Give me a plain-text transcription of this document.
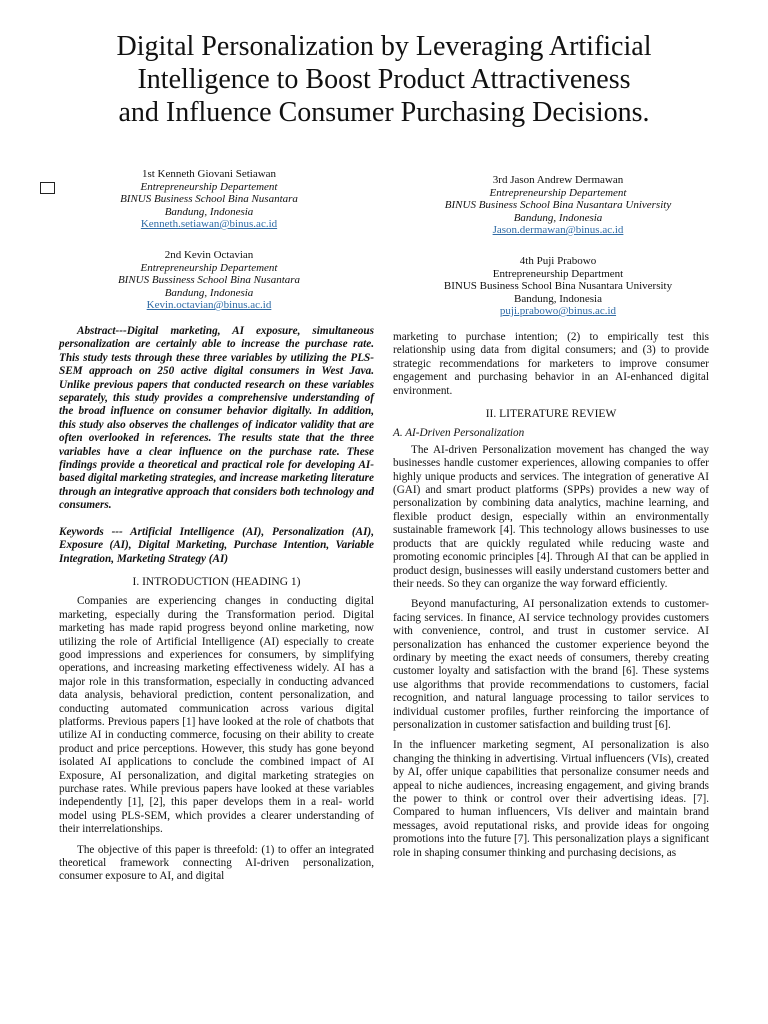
Digital Personalization by Leveraging Artificial
Intelligence to Boost Product Attractiveness
and Influence Consumer Purchasing Decisions.
1st Kenneth Giovani Setiawan
Entrepreneurship Departement
BINUS Business School Bina Nusantara
Bandung, Indonesia
Kenneth.setiawan@binus.ac.id
2nd Kevin Octavian
Entrepreneurship Departement
BINUS Bussiness School Bina Nusantara
Bandung, Indonesia
Kevin.octavian@binus.ac.id
3rd Jason Andrew Dermawan
Entrepreneurship Departement
BINUS Business School Bina Nusantara University
Bandung, Indonesia
Jason.dermawan@binus.ac.id
4th Puji Prabowo
Entrepreneurship Department
BINUS Business School Bina Nusantara University
Bandung, Indonesia
puji.prabowo@binus.ac.id

Abstract---Digital marketing, AI exposure, simultaneous personalization are certainly able to increase the purchase rate. This study tests through these three variables by utilizing the PLS-SEM approach on 250 active digital consumers in West Java. Unlike previous papers that conducted research on these variables separately, this study provides a comprehensive understanding of the broad influence on consumer behavior digitally. In addition, this study also observes the challenges of indicator validity that are often overlooked in references. The results state that the three variables have a clear influence on the purchase rate. These findings provide a theoretical and practical role for developing AI-based digital marketing strategies, and increase marketing literature through an integrative approach that considers both technology and consumers.

Keywords --- Artificial Intelligence (AI), Personalization (AI), Exposure (AI), Digital Marketing, Purchase Intention, Variable Integration, Marketing Strategy (AI)

I. INTRODUCTION (HEADING 1)

Companies are experiencing changes in conducting digital marketing, especially during the Transformation period. Digital marketing has made rapid progress beyond online marketing, now utilizing the role of Artificial Intelligence (AI) especially to create good impressions and experiences for consumers, by simplifying operations, and increasing marketing effectiveness widely. AI has a major role in this transformation, especially in conducting advanced data analysis, behavioral prediction, content personalization, and conducting automated communication across various digital platforms. Previous papers [1] have looked at the role of chatbots that utilize AI in conducting commerce, focusing on their ability to create product and price perceptions. However, this study has gone beyond isolated AI applications to conclude the combined impact of AI Exposure, AI personalization, and digital marketing strategies on purchase rates. While previous papers have looked at these variables independently [1], [2], this paper develops them in a real- world model using PLS-SEM, which provides a clearer understanding of their interrelationships.

The objective of this paper is threefold: (1) to offer an integrated theoretical framework connecting AI-driven personalization, consumer exposure to AI, and digital

marketing to purchase intention; (2) to empirically test this relationship using data from digital consumers; and (3) to provide strategic recommendations for marketers to improve consumer engagement and purchasing behavior in an AI-enhanced digital environment.

II. LITERATURE REVIEW

A. AI-Driven Personalization

The AI-driven Personalization movement has changed the way businesses handle customer experiences, allowing companies to offer highly unique products and services. The integration of generative AI (GAI) and smart product platforms (SPPs) provides a new way of personalization by combining data analytics, machine learning, and flexible product design, especially within an environmentally sustainable framework [4]. This technology allows businesses to use products that are quickly regulated while reducing waste and promoting economic principles [4]. Through AI that can be applied in product design, businesses will easily understand customers better and their needs. So they can organize the way forward efficiently.

Beyond manufacturing, AI personalization extends to customer-facing services. In finance, AI service technology provides customers with convenience, control, and trust in customer service. AI personalization has enhanced the customer experience beyond the ordinary by meeting the exact needs of consumers, thereby creating customer loyalty and satisfaction with the brand [6]. These systems use algorithms that provide recommendations to customers, facial recognition, and natural language processing to tailor services to individual customer profiles, further reinforcing the importance of personalization in customer satisfaction and building trust [6].

In the influencer marketing segment, AI personalization is also changing the thinking in advertising. Virtual influencers (VIs), created by AI, offer unique capabilities that personalize consumer needs and appeal to niche audiences, increasing engagement, and giving brands the power to think or control over their advertising ideas. [7]. Compared to human influencers, VIs deliver and maintain brand messages, avoid reputational risks, and provide ideas for ongoing promotions into the future [7]. This personalization plays a significant role in shaping consumer thinking and purchasing decisions, as
